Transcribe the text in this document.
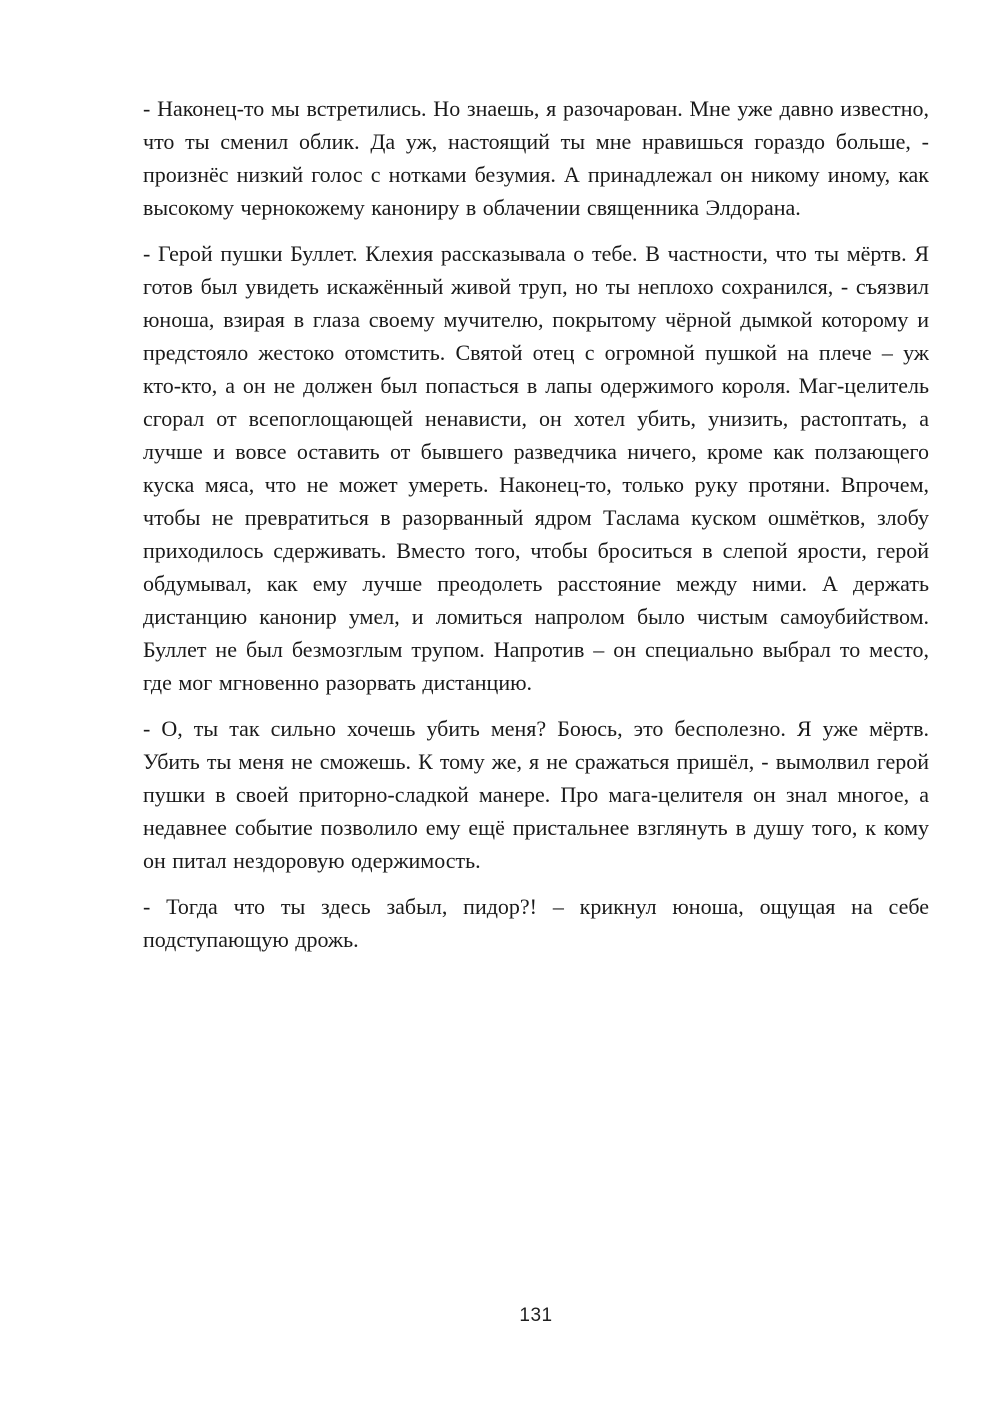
- Наконец-то мы встретились. Но знаешь, я разочарован. Мне уже давно известно, что ты сменил облик. Да уж, настоящий ты мне нравишься гораздо больше, - произнёс низкий голос с нотками безумия. А принадлежал он никому иному, как высокому чернокожему канониру в облачении священника Элдорана.

- Герой пушки Буллет. Клехия рассказывала о тебе. В частности, что ты мёртв. Я готов был увидеть искажённый живой труп, но ты неплохо сохранился, - съязвил юноша, взирая в глаза своему мучителю, покрытому чёрной дымкой которому и предстояло жестоко отомстить. Святой отец с огромной пушкой на плече – уж кто-кто, а он не должен был попасться в лапы одержимого короля. Маг-целитель сгорал от всепоглощающей ненависти, он хотел убить, унизить, растоптать, а лучше и вовсе оставить от бывшего разведчика ничего, кроме как ползающего куска мяса, что не может умереть. Наконец-то, только руку протяни. Впрочем, чтобы не превратиться в разорванный ядром Таслама куском ошмётков, злобу приходилось сдерживать. Вместо того, чтобы броситься в слепой ярости, герой обдумывал, как ему лучше преодолеть расстояние между ними. А держать дистанцию канонир умел, и ломиться напролом было чистым самоубийством. Буллет не был безмозглым трупом. Напротив – он специально выбрал то место, где мог мгновенно разорвать дистанцию.

- О, ты так сильно хочешь убить меня? Боюсь, это бесполезно. Я уже мёртв. Убить ты меня не сможешь. К тому же, я не сражаться пришёл, - вымолвил герой пушки в своей приторно-сладкой манере. Про мага-целителя он знал многое, а недавнее событие позволило ему ещё пристальнее взглянуть в душу того, к кому он питал нездоровую одержимость.

- Тогда что ты здесь забыл, пидор?! – крикнул юноша, ощущая на себе подступающую дрожь.

131
